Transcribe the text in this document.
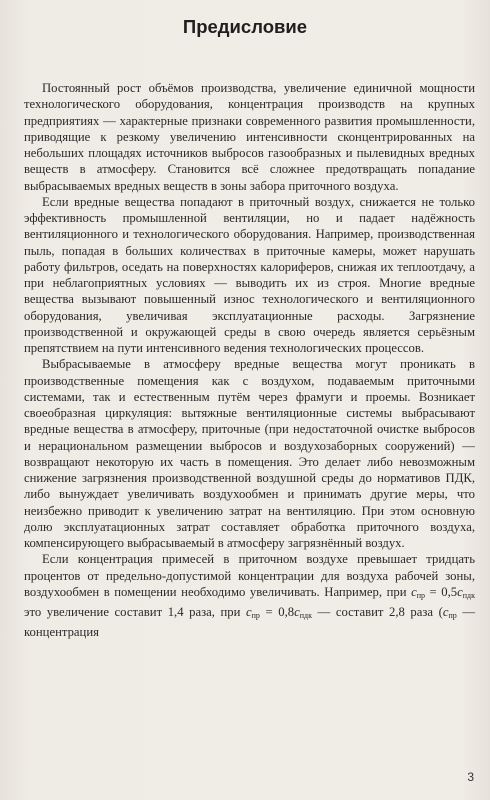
Предисловие

Постоянный рост объёмов производства, увеличение единичной мощности технологического оборудования, концентрация производств на крупных предприятиях — характерные признаки современного развития промышленности, приводящие к резкому увеличению интенсивности сконцентрированных на небольших площадях источников выбросов газообразных и пылевидных вредных веществ в атмосферу. Становится всё сложнее предотвращать попадание выбрасываемых вредных веществ в зоны забора приточного воздуха.

Если вредные вещества попадают в приточный воздух, снижается не только эффективность промышленной вентиляции, но и падает надёжность вентиляционного и технологического оборудования. Например, производственная пыль, попадая в больших количествах в приточные камеры, может нарушать работу фильтров, оседать на поверхностях калориферов, снижая их теплоотдачу, а при неблагоприятных условиях — выводить их из строя. Многие вредные вещества вызывают повышенный износ технологического и вентиляционного оборудования, увеличивая эксплуатационные расходы. Загрязнение производственной и окружающей среды в свою очередь является серьёзным препятствием на пути интенсивного ведения технологических процессов.

Выбрасываемые в атмосферу вредные вещества могут проникать в производственные помещения как с воздухом, подаваемым приточными системами, так и естественным путём через фрамуги и проемы. Возникает своеобразная циркуляция: вытяжные вентиляционные системы выбрасывают вредные вещества в атмосферу, приточные (при недостаточной очистке выбросов и нерациональном размещении выбросов и воздухозаборных сооружений) — возвращают некоторую их часть в помещения. Это делает либо невозможным снижение загрязнения производственной воздушной среды до нормативов ПДК, либо вынуждает увеличивать воздухообмен и принимать другие меры, что неизбежно приводит к увеличению затрат на вентиляцию. При этом основную долю эксплуатационных затрат составляет обработка приточного воздуха, компенсирующего выбрасываемый в атмосферу загрязнённый воздух.

Если концентрация примесей в приточном воздухе превышает тридцать процентов от предельно-допустимой концентрации для воздуха рабочей зоны, воздухообмен в помещении необходимо увеличивать. Например, при $c_{пр} = 0,5c_{пдк}$ это увеличение составит 1,4 раза, при $c_{пр} = 0,8c_{пдк}$ — составит 2,8 раза ($c_{пр}$ — концентрация

3
